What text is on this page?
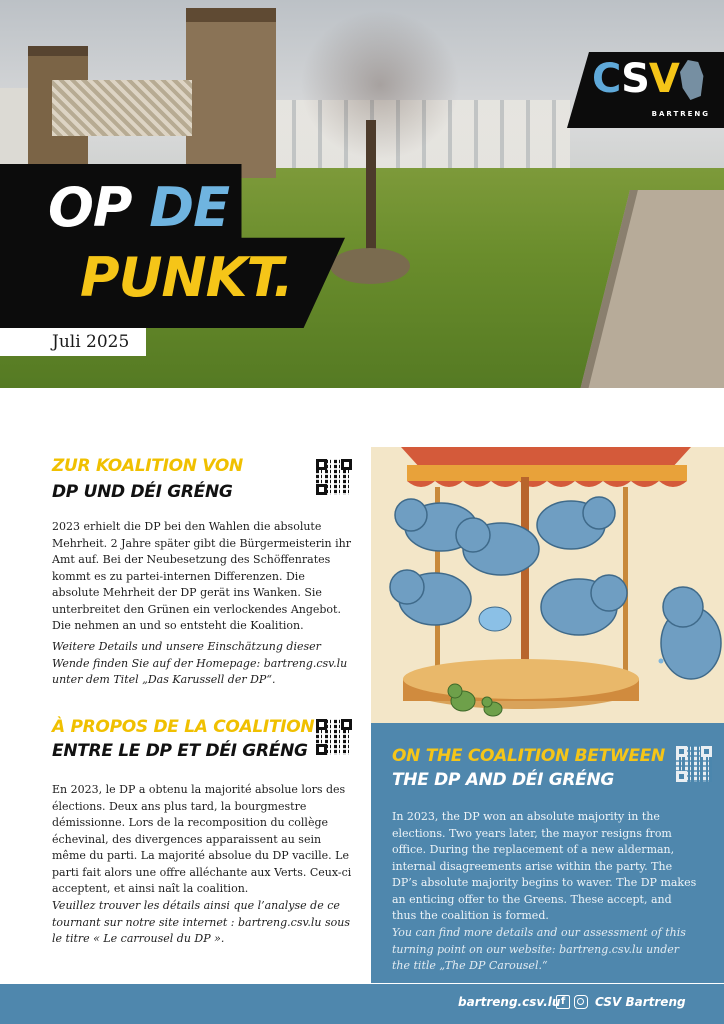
CSV
BARTRENG
OP DE
PUNKT.
Juli 2025
ZUR KOALITION VON
DP UND DÉI GRÉNG
2023 erhielt die DP bei den Wahlen die absolute Mehrheit. 2 Jahre später gibt die Bürgermeisterin ihr Amt auf. Bei der Neubesetzung des Schöffenrates kommt es zu partei-internen Differenzen. Die absolute Mehrheit der DP gerät ins Wanken. Sie unterbreitet den Grünen ein verlockendes Angebot. Die nehmen an und so entsteht die Koalition.
Weitere Details und unsere Einschätzung dieser Wende finden Sie auf der Homepage: bartreng.csv.lu unter dem Titel „Das Karussell der DP“.
À PROPOS DE LA COALITION
ENTRE LE DP ET DÉI GRÉNG
En 2023, le DP a obtenu la majorité absolue lors des élections. Deux ans plus tard, la bourgmestre démissionne. Lors de la recomposition du collège échevinal, des divergences apparaissent au sein même du parti. La majorité absolue du DP vacille. Le parti fait alors une offre alléchante aux Verts. Ceux-ci acceptent, et ainsi naît la coalition.
Veuillez trouver les détails ainsi que l’analyse de ce tournant sur notre site internet : bartreng.csv.lu sous le titre « Le carrousel du DP ».
ON THE COALITION BETWEEN
THE DP AND DÉI GRÉNG
In 2023, the DP won an absolute majority in the elections. Two years later, the mayor resigns from office. During the replacement of a new alderman, internal disagreements arise within the party. The DP’s absolute majority begins to waver. The DP makes an enticing offer to the Greens. These accept, and thus the coalition is formed.
You can find more details and our assessment of this turning point on our website: bartreng.csv.lu under the title „The DP Carousel.“
bartreng.csv.lu f	CSV Bartreng
